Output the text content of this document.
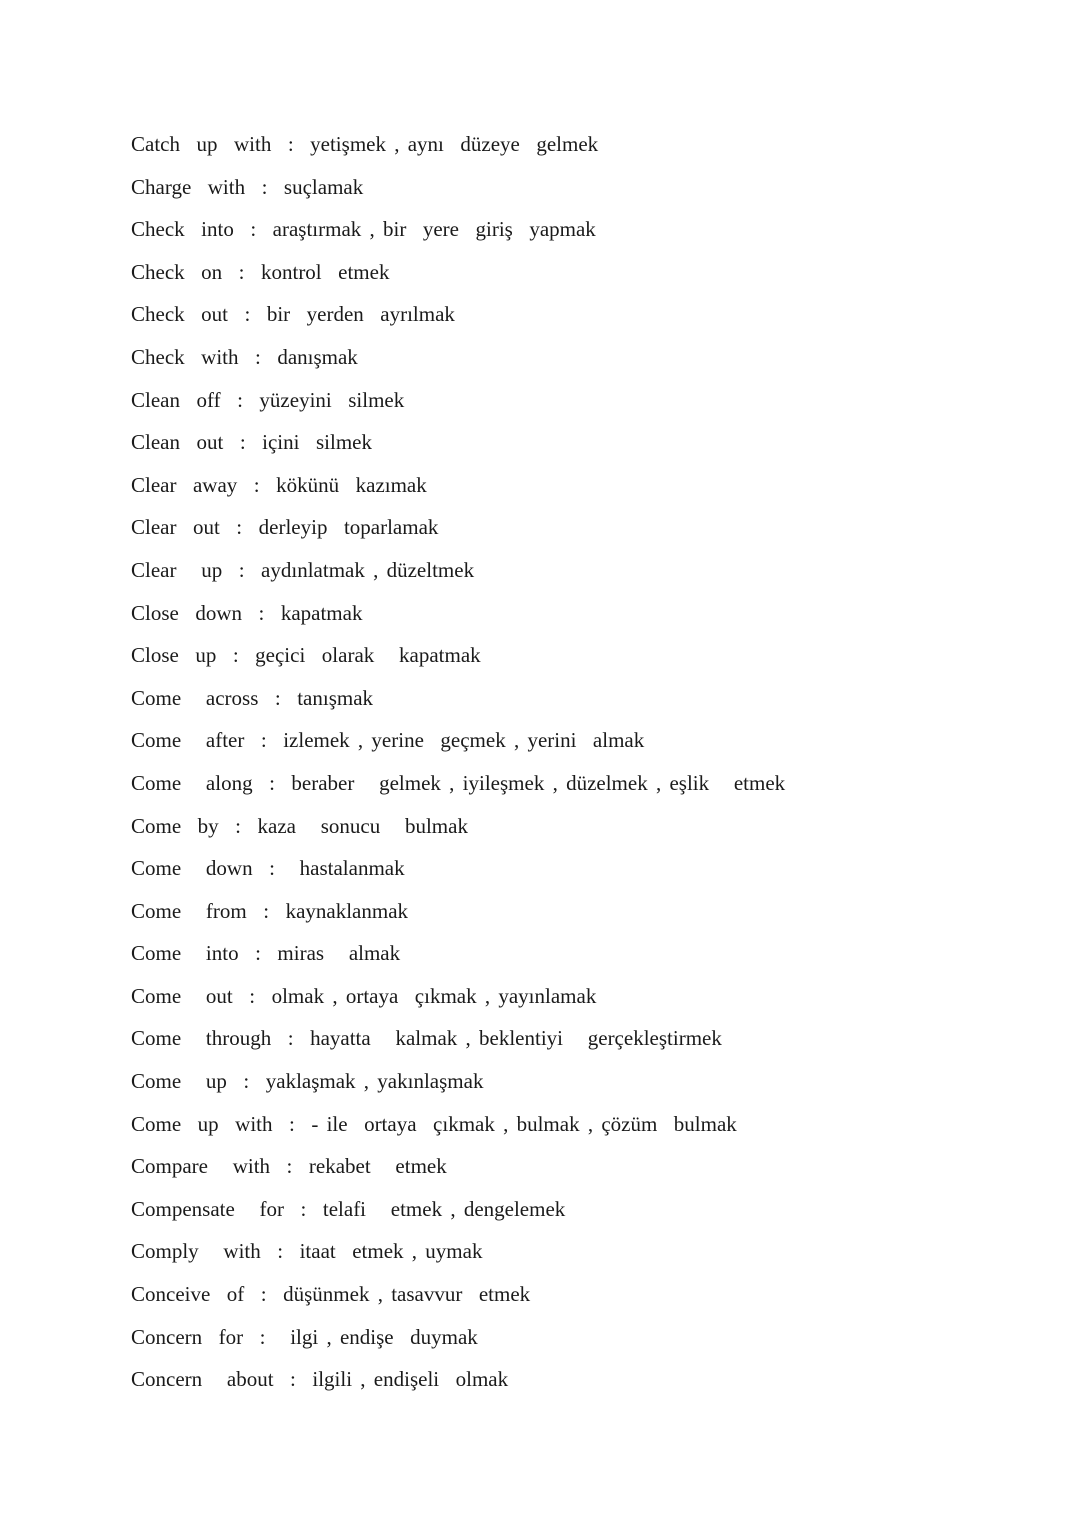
Catch  up  with  :  yetişmek , aynı  düzeye  gelmek
Charge  with  :  suçlamak
Check  into  :  araştırmak , bir  yere  giriş  yapmak
Check  on  :  kontrol  etmek
Check  out  :  bir  yerden  ayrılmak
Check  with  :  danışmak
Clean  off  :  yüzeyini  silmek
Clean  out  :  içini  silmek
Clear  away  :  kökünü  kazımak
Clear  out  :  derleyip  toparlamak
Clear   up  :  aydınlatmak , düzeltmek
Close  down  :  kapatmak
Close  up  :  geçici  olarak   kapatmak
Come   across  :  tanışmak
Come   after  :  izlemek , yerine  geçmek , yerini  almak
Come   along  :  beraber   gelmek , iyileşmek , düzelmek , eşlik   etmek
Come  by  :  kaza   sonucu   bulmak
Come   down  :   hastalanmak
Come   from  :  kaynaklanmak
Come   into  :  miras   almak
Come   out  :  olmak , ortaya  çıkmak , yayınlamak
Come   through  :  hayatta   kalmak , beklentiyi   gerçekleştirmek
Come   up  :  yaklaşmak , yakınlaşmak
Come  up  with  :  - ile  ortaya  çıkmak , bulmak , çözüm  bulmak
Compare   with  :  rekabet   etmek
Compensate   for  :  telafi   etmek , dengelemek
Comply   with  :  itaat  etmek , uymak
Conceive  of  :  düşünmek , tasavvur  etmek
Concern  for  :   ilgi , endişe  duymak
Concern   about  :  ilgili , endişeli  olmak
